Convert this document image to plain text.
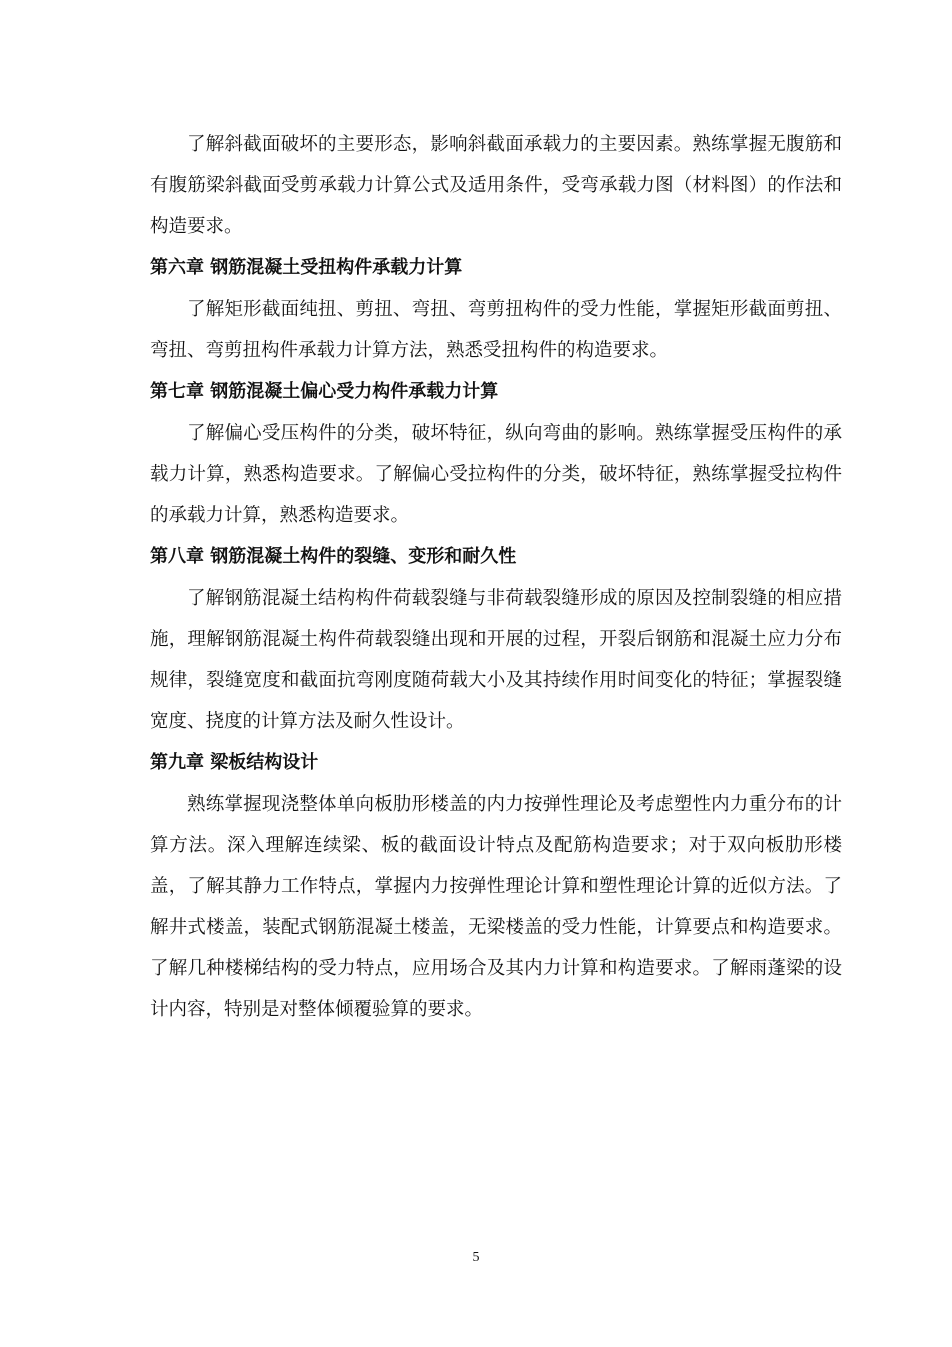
了解斜截面破坏的主要形态，影响斜截面承载力的主要因素。熟练掌握无腹筋和有腹筋梁斜截面受剪承载力计算公式及适用条件，受弯承载力图（材料图）的作法和构造要求。

第六章 钢筋混凝土受扭构件承载力计算

了解矩形截面纯扭、剪扭、弯扭、弯剪扭构件的受力性能，掌握矩形截面剪扭、弯扭、弯剪扭构件承载力计算方法，熟悉受扭构件的构造要求。

第七章 钢筋混凝土偏心受力构件承载力计算

了解偏心受压构件的分类，破坏特征，纵向弯曲的影响。熟练掌握受压构件的承载力计算，熟悉构造要求。了解偏心受拉构件的分类，破坏特征，熟练掌握受拉构件的承载力计算，熟悉构造要求。

第八章 钢筋混凝土构件的裂缝、变形和耐久性

了解钢筋混凝土结构构件荷载裂缝与非荷载裂缝形成的原因及控制裂缝的相应措施，理解钢筋混凝土构件荷载裂缝出现和开展的过程，开裂后钢筋和混凝土应力分布规律，裂缝宽度和截面抗弯刚度随荷载大小及其持续作用时间变化的特征；掌握裂缝宽度、挠度的计算方法及耐久性设计。

第九章 梁板结构设计

熟练掌握现浇整体单向板肋形楼盖的内力按弹性理论及考虑塑性内力重分布的计算方法。深入理解连续梁、板的截面设计特点及配筋构造要求；对于双向板肋形楼盖，了解其静力工作特点，掌握内力按弹性理论计算和塑性理论计算的近似方法。了解井式楼盖，装配式钢筋混凝土楼盖，无梁楼盖的受力性能，计算要点和构造要求。了解几种楼梯结构的受力特点，应用场合及其内力计算和构造要求。了解雨蓬梁的设计内容，特别是对整体倾覆验算的要求。

5
